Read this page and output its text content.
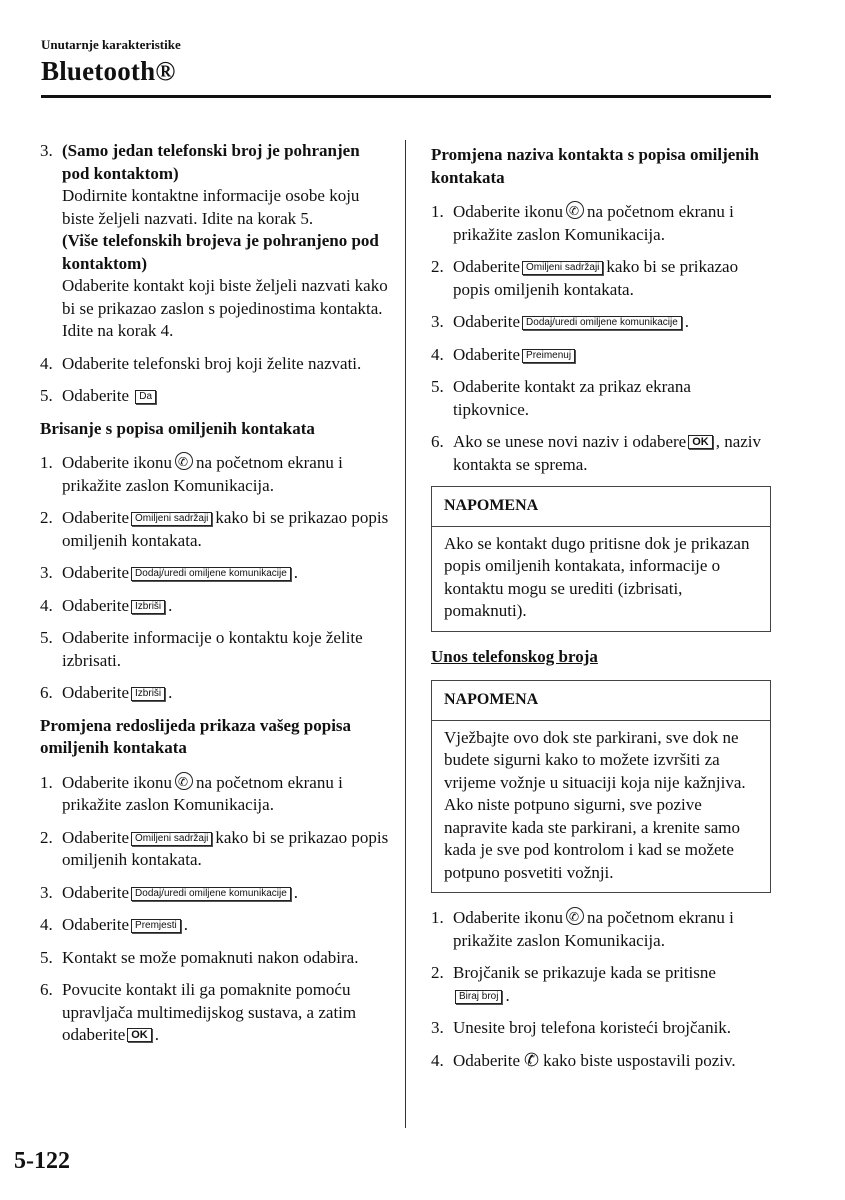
Unutarnje karakteristike
Bluetooth®
3. (Samo jedan telefonski broj je pohranjen pod kontaktom)
Dodirnite kontaktne informacije osobe koju biste željeli nazvati. Idite na korak 5.
(Više telefonskih brojeva je pohranjeno pod kontaktom)
Odaberite kontakt koji biste željeli nazvati kako bi se prikazao zaslon s pojedinostima kontakta. Idite na korak 4.
4. Odaberite telefonski broj koji želite nazvati.
5. Odaberite Da
Brisanje s popisa omiljenih kontakata
1. Odaberite ikonu ✆ na početnom ekranu i prikažite zaslon Komunikacija.
2. Odaberite Omiljeni sadržaji kako bi se prikazao popis omiljenih kontakata.
3. Odaberite Dodaj/uredi omiljene komunikacije .
4. Odaberite Izbriši .
5. Odaberite informacije o kontaktu koje želite izbrisati.
6. Odaberite Izbriši .
Promjena redoslijeda prikaza vašeg popisa omiljenih kontakata
1. Odaberite ikonu ✆ na početnom ekranu i prikažite zaslon Komunikacija.
2. Odaberite Omiljeni sadržaji kako bi se prikazao popis omiljenih kontakata.
3. Odaberite Dodaj/uredi omiljene komunikacije .
4. Odaberite Premjesti .
5. Kontakt se može pomaknuti nakon odabira.
6. Povucite kontakt ili ga pomaknite pomoću upravljača multimedijskog sustava, a zatim odaberite OK .
Promjena naziva kontakta s popisa omiljenih kontakata
1. Odaberite ikonu ✆ na početnom ekranu i prikažite zaslon Komunikacija.
2. Odaberite Omiljeni sadržaji kako bi se prikazao popis omiljenih kontakata.
3. Odaberite Dodaj/uredi omiljene komunikacije .
4. Odaberite Preimenuj
5. Odaberite kontakt za prikaz ekrana tipkovnice.
6. Ako se unese novi naziv i odabere OK , naziv kontakta se sprema.
NAPOMENA
Ako se kontakt dugo pritisne dok je prikazan popis omiljenih kontakata, informacije o kontaktu mogu se urediti (izbrisati, pomaknuti).
Unos telefonskog broja
NAPOMENA
Vježbajte ovo dok ste parkirani, sve dok ne budete sigurni kako to možete izvršiti za vrijeme vožnje u situaciji koja nije kažnjiva. Ako niste potpuno sigurni, sve pozive napravite kada ste parkirani, a krenite samo kada je sve pod kontrolom i kad se možete potpuno posvetiti vožnji.
1. Odaberite ikonu ✆ na početnom ekranu i prikažite zaslon Komunikacija.
2. Brojčanik se prikazuje kada se pritisne Biraj broj .
3. Unesite broj telefona koristeći brojčanik.
4. Odaberite ✆ kako biste uspostavili poziv.
5-122
